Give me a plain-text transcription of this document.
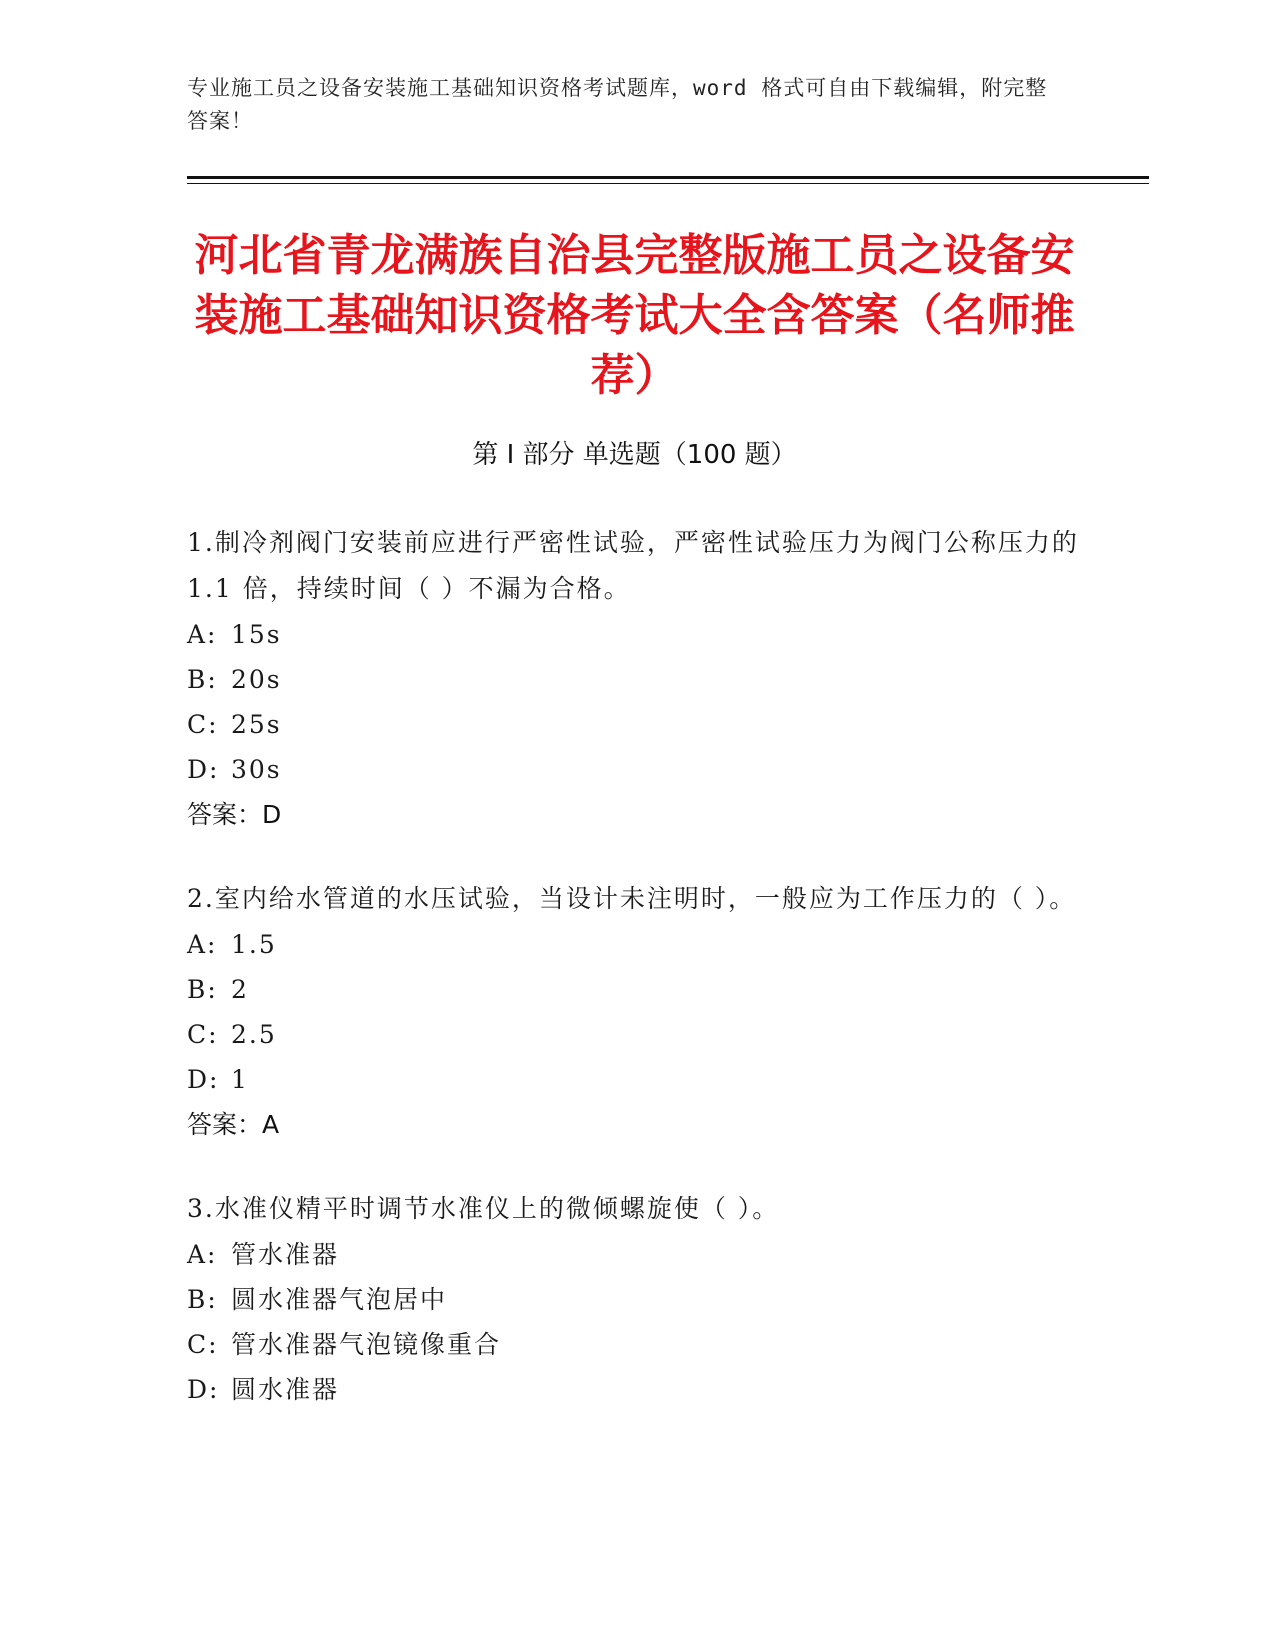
专业施工员之设备安装施工基础知识资格考试题库，word 格式可自由下载编辑，附完整答案！
河北省青龙满族自治县完整版施工员之设备安装施工基础知识资格考试大全含答案（名师推荐）
第 I 部分 单选题（100 题）
1.制冷剂阀门安装前应进行严密性试验，严密性试验压力为阀门公称压力的 1.1 倍，持续时间（ ）不漏为合格。
A: 15s
B: 20s
C: 25s
D: 30s
答案：D
2.室内给水管道的水压试验，当设计未注明时，一般应为工作压力的（ ）。
A: 1.5
B: 2
C: 2.5
D: 1
答案：A
3.水准仪精平时调节水准仪上的微倾螺旋使（ ）。
A: 管水准器
B: 圆水准器气泡居中
C: 管水准器气泡镜像重合
D: 圆水准器
